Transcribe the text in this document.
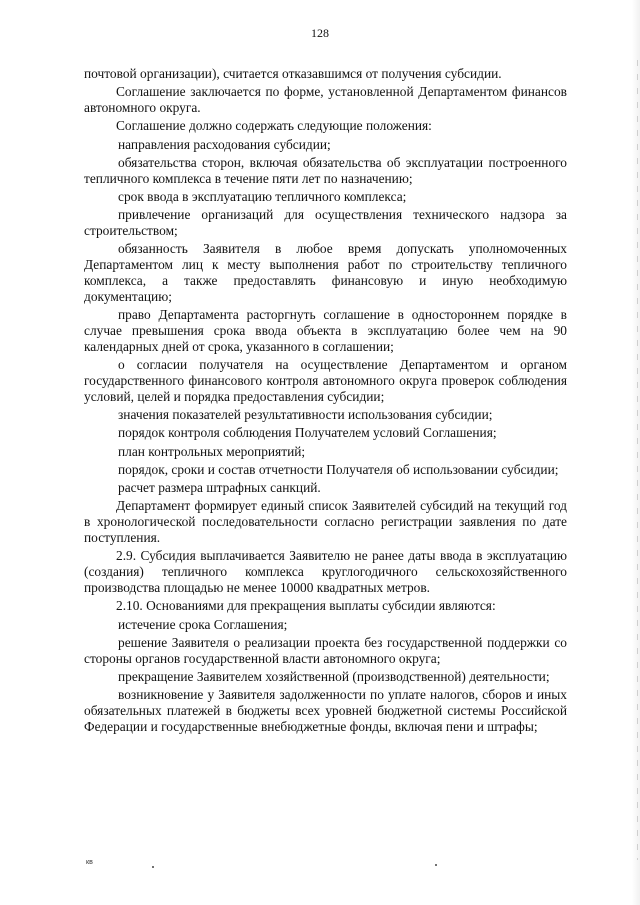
128

почтовой организации), считается отказавшимся от получения субсидии.

Соглашение заключается по форме, установленной Департаментом финансов автономного округа.

Соглашение должно содержать следующие положения:

направления расходования субсидии;

обязательства сторон, включая обязательства об эксплуатации построенного тепличного комплекса в течение пяти лет по назначению;

срок ввода в эксплуатацию тепличного комплекса;

привлечение организаций для осуществления технического надзора за строительством;

обязанность Заявителя в любое время допускать уполномоченных Департаментом лиц к месту выполнения работ по строительству тепличного комплекса, а также предоставлять финансовую и иную необходимую документацию;

право Департамента расторгнуть соглашение в одностороннем порядке в случае превышения срока ввода объекта в эксплуатацию более чем на 90 календарных дней от срока, указанного в соглашении;

о согласии получателя на осуществление Департаментом и органом государственного финансового контроля автономного округа проверок соблюдения условий, целей и порядка предоставления субсидии;

значения показателей результативности использования субсидии;

порядок контроля соблюдения Получателем условий Соглашения;

план контрольных мероприятий;

порядок, сроки и состав отчетности Получателя об использовании субсидии;

расчет размера штрафных санкций.

Департамент формирует единый список Заявителей субсидий на текущий год в хронологической последовательности согласно регистрации заявления по дате поступления.

2.9. Субсидия выплачивается Заявителю не ранее даты ввода в эксплуатацию (создания) тепличного комплекса круглогодичного сельскохозяйственного производства площадью не менее 10000 квадратных метров.

2.10. Основаниями для прекращения выплаты субсидии являются:

истечение срока Соглашения;

решение Заявителя о реализации проекта без государственной поддержки со стороны органов государственной власти автономного округа;

прекращение Заявителем хозяйственной (производственной) деятельности;

возникновение у Заявителя задолженности по уплате налогов, сборов и иных обязательных платежей в бюджеты всех уровней бюджетной системы Российской Федерации и государственные внебюджетные фонды, включая пени и штрафы;

кв
